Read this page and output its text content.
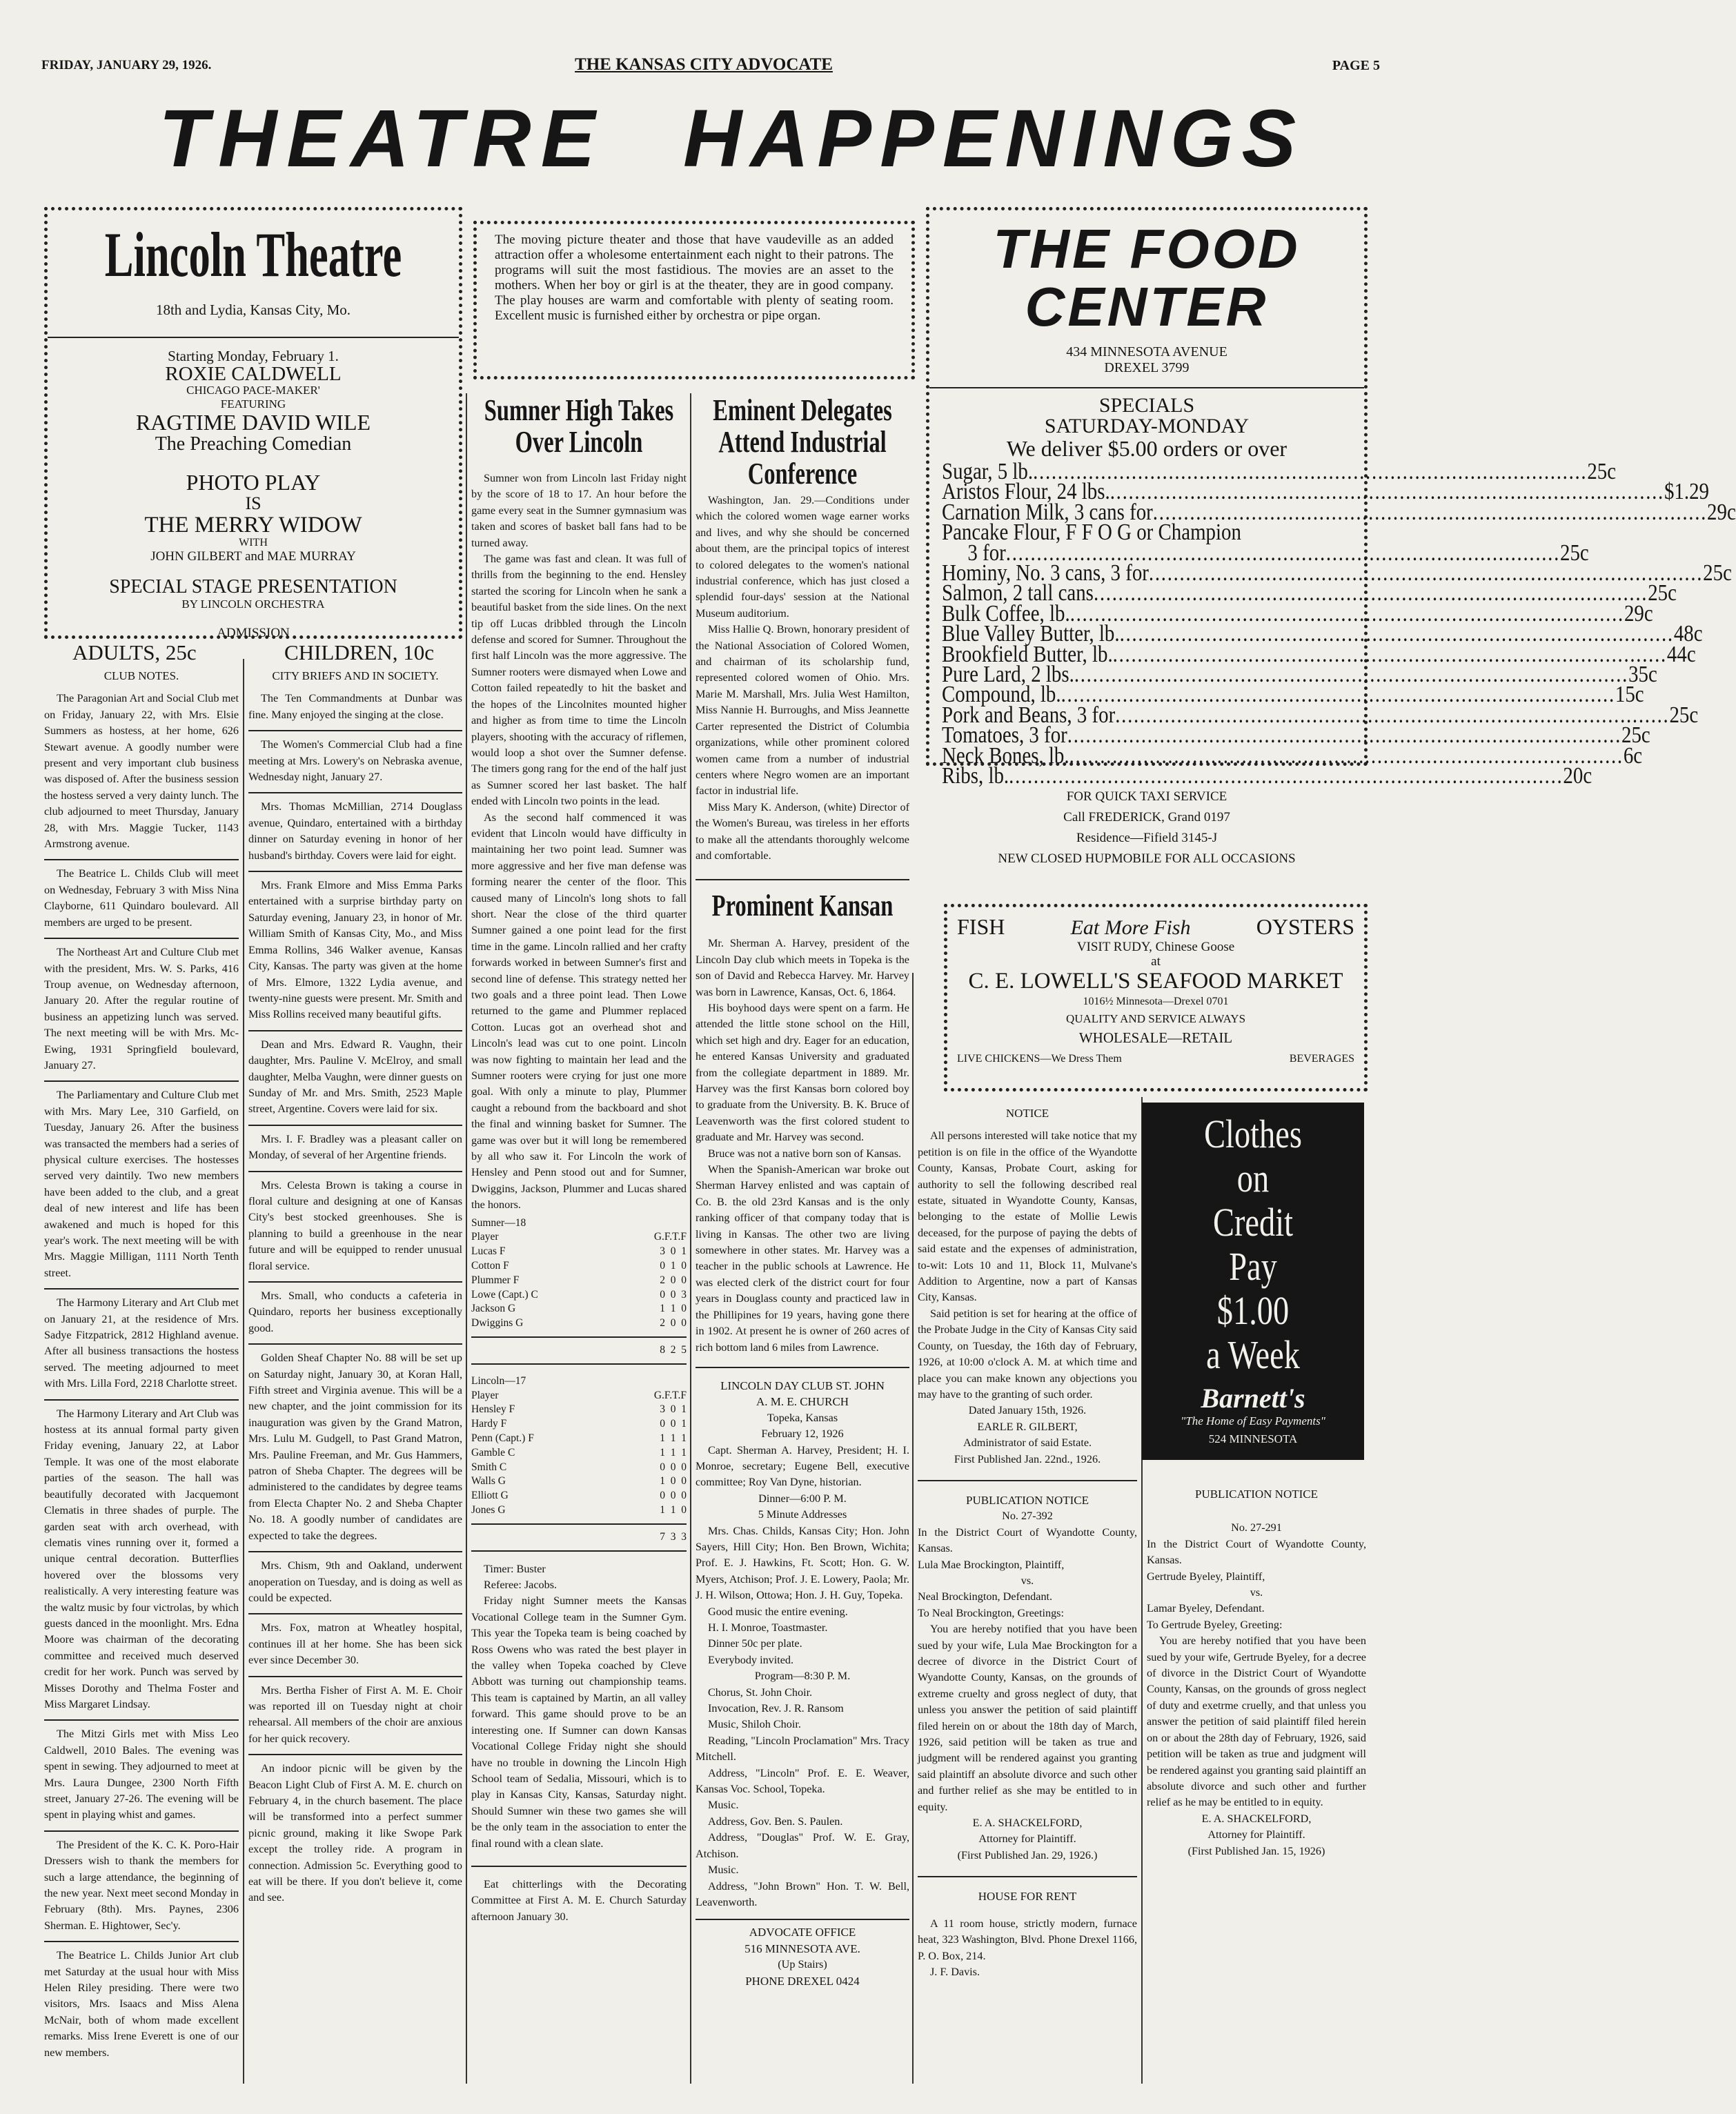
FRIDAY, JANUARY 29, 1926.	THE KANSAS CITY ADVOCATE	PAGE 5
THEATRE HAPPENINGS
Lincoln Theatre
18th and Lydia, Kansas City, Mo.
Starting Monday, February 1.
ROXIE CALDWELL
CHICAGO PACE-MAKER'
FEATURING
RAGTIME DAVID WILE
The Preaching Comedian
PHOTO PLAY
IS
THE MERRY WIDOW
WITH
JOHN GILBERT and MAE MURRAY
SPECIAL STAGE PRESENTATION
BY LINCOLN ORCHESTRA
ADMISSION
ADULTS, 25c	CHILDREN, 10c
The moving picture theater and those that have vaudeville as an added attraction offer a wholesome entertainment each night to their patrons. The programs will suit the most fastidious. The movies are an asset to the mothers. When her boy or girl is at the theater, they are in good company. The play houses are warm and comfortable with plenty of seating room. Excellent music is furnished either by orchestra or pipe organ.
CLUB NOTES.

The Paragonian Art and Social Club met on Friday, January 22, with Mrs. Elsie Summers as hostess, at her home, 626 Stewart avenue. A goodly number were present and very important club business was disposed of. After the business session the hostess served a very dainty lunch. The club adjourned to meet Thursday, January 28, with Mrs. Maggie Tucker, 1143 Armstrong avenue.

The Beatrice L. Childs Club will meet on Wednesday, February 3 with Miss Nina Clayborne, 611 Quindaro boulevard. All members are urged to be present.

The Northeast Art and Culture Club met with the president, Mrs. W. S. Parks, 416 Troup avenue, on Wednesday afternoon, January 20. After the regular routine of business an appetizing lunch was served. The next meeting will be with Mrs. Mc-Ewing, 1931 Springfield boulevard, January 27.

The Parliamentary and Culture Club met with Mrs. Mary Lee, 310 Garfield, on Tuesday, January 26. After the business was transacted the members had a series of physical culture exercises. The hostesses served very daintily. Two new members have been added to the club, and a great deal of new interest and life has been awakened and much is hoped for this year's work. The next meeting will be with Mrs. Maggie Milligan, 1111 North Tenth street.

The Harmony Literary and Art Club met on January 21, at the residence of Mrs. Sadye Fitzpatrick, 2812 Highland avenue. After all business transactions the hostess served. The meeting adjourned to meet with Mrs. Lilla Ford, 2218 Charlotte street.

The Harmony Literary and Art Club was hostess at its annual formal party given Friday evening, January 22, at Labor Temple. It was one of the most elaborate parties of the season. The hall was beautifully decorated with Jacquemont Clematis in three shades of purple. The garden seat with arch overhead, with clematis vines running over it, formed a unique central decoration. Butterflies hovered over the blossoms very realistically. A very interesting feature was the waltz music by four victrolas, by which guests danced in the moonlight. Mrs. Edna Moore was chairman of the decorating committee and received much deserved credit for her work. Punch was served by Misses Dorothy and Thelma Foster and Miss Margaret Lindsay.

The Mitzi Girls met with Miss Leo Caldwell, 2010 Bales. The evening was spent in sewing. They adjourned to meet at Mrs. Laura Dungee, 2300 North Fifth street, January 27-26. The evening will be spent in playing whist and games.

The President of the K. C. K. Poro-Hair Dressers wish to thank the members for such a large attendance, the beginning of the new year. Next meet second Monday in February (8th). Mrs. Paynes, 2306 Sherman. E. Hightower, Sec'y.

The Beatrice L. Childs Junior Art club met Saturday at the usual hour with Miss Helen Riley presiding. There were two visitors, Mrs. Isaacs and Miss Alena McNair, both of whom made excellent remarks. Miss Irene Everett is one of our new members.

CITY BRIEFS AND IN SOCIETY.

The Ten Commandments at Dunbar was fine. Many enjoyed the singing at the close.

The Women's Commercial Club had a fine meeting at Mrs. Lowery's on Nebraska avenue, Wednesday night, January 27.

Mrs. Thomas McMillian, 2714 Douglass avenue, Quindaro, entertained with a birthday dinner on Saturday evening in honor of her husband's birthday. Covers were laid for eight.

Mrs. Frank Elmore and Miss Emma Parks entertained with a surprise birthday party on Saturday evening, January 23, in honor of Mr. William Smith of Kansas City, Mo., and Miss Emma Rollins, 346 Walker avenue, Kansas City, Kansas. The party was given at the home of Mrs. Elmore, 1322 Lydia avenue, and twenty-nine guests were present. Mr. Smith and Miss Rollins received many beautiful gifts.

Dean and Mrs. Edward R. Vaughn, their daughter, Mrs. Pauline V. McElroy, and small daughter, Melba Vaughn, were dinner guests on Sunday of Mr. and Mrs. Smith, 2523 Maple street, Argentine. Covers were laid for six.

Mrs. I. F. Bradley was a pleasant caller on Monday, of several of her Argentine friends.

Mrs. Celesta Brown is taking a course in floral culture and designing at one of Kansas City's best stocked greenhouses. She is planning to build a greenhouse in the near future and will be equipped to render unusual floral service.

Mrs. Small, who conducts a cafeteria in Quindaro, reports her business exceptionally good.

Golden Sheaf Chapter No. 88 will be set up on Saturday night, January 30, at Koran Hall, Fifth street and Virginia avenue. This will be a new chapter, and the joint commission for its inauguration was given by the Grand Matron, Mrs. Lulu M. Gudgell, to Past Grand Matron, Mrs. Pauline Freeman, and Mr. Gus Hammers, patron of Sheba Chapter. The degrees will be administered to the candidates by degree teams from Electa Chapter No. 2 and Sheba Chapter No. 18. A goodly number of candidates are expected to take the degrees.

Mrs. Chism, 9th and Oakland, underwent anoperation on Tuesday, and is doing as well as could be expected.

Mrs. Fox, matron at Wheatley hospital, continues ill at her home. She has been sick ever since December 30.

Mrs. Bertha Fisher of First A. M. E. Choir was reported ill on Tuesday night at choir rehearsal. All members of the choir are anxious for her quick recovery.

An indoor picnic will be given by the Beacon Light Club of First A. M. E. church on February 4, in the church basement. The place will be transformed into a perfect summer picnic ground, making it like Swope Park except the trolley ride. A program in connection. Admission 5c. Everything good to eat will be there. If you don't believe it, come and see.

Sumner High Takes
Over Lincoln

Sumner won from Lincoln last Friday night by the score of 18 to 17. An hour before the game every seat in the Sumner gymnasium was taken and scores of basket ball fans had to be turned away.

The game was fast and clean. It was full of thrills from the beginning to the end. Hensley started the scoring for Lincoln when he sank a beautiful basket from the side lines. On the next tip off Lucas dribbled through the Lincoln defense and scored for Sumner. Throughout the first half Lincoln was the more aggressive. The Sumner rooters were dismayed when Lowe and Cotton failed repeatedly to hit the basket and the hopes of the Lincolnites mounted higher and higher as from time to time the Lincoln players, shooting with the accuracy of riflemen, would loop a shot over the Sumner defense. The timers gong rang for the end of the half just as Sumner scored her last basket. The half ended with Lincoln two points in the lead.

As the second half commenced it was evident that Lincoln would have difficulty in maintaining her two point lead. Sumner was more aggressive and her five man defense was forming nearer the center of the floor. This caused many of Lincoln's long shots to fall short. Near the close of the third quarter Sumner gained a one point lead for the first time in the game. Lincoln rallied and her crafty forwards worked in between Sumner's first and second line of defense. This strategy netted her two goals and a three point lead. Then Lowe returned to the game and Plummer replaced Cotton. Lucas got an overhead shot and Lincoln's lead was cut to one point. Lincoln was now fighting to maintain her lead and the Sumner rooters were crying for just one more goal. With only a minute to play, Plummer caught a rebound from the backboard and shot the final and winning basket for Sumner. The game was over but it will long be remembered by all who saw it. For Lincoln the work of Hensley and Penn stood out and for Sumner, Dwiggins, Jackson, Plummer and Lucas shared the honors.

Sumner—18
Player	G.F.T.F
Lucas F	3  0  1
Cotton F	0  1  0
Plummer F	2  0  0
Lowe (Capt.) C	0  0  3
Jackson G	1  1  0
Dwiggins G	2  0  0
8  2  5
Lincoln—17
Player	G.F.T.F
Hensley F	3  0  1
Hardy F	0  0  1
Penn (Capt.) F	1  1  1
Gamble C	1  1  1
Smith C	0  0  0
Walls G	1  0  0
Elliott G	0  0  0
Jones G	1  1  0
7  3  3
Timer: Buster
Referee: Jacobs.

Friday night Sumner meets the Kansas Vocational College team in the Sumner Gym. This year the Topeka team is being coached by Ross Owens who was rated the best player in the valley when Topeka coached by Cleve Abbott was turning out championship teams. This team is captained by Martin, an all valley forward. This game should prove to be an interesting one. If Sumner can down Kansas Vocational College Friday night she should have no trouble in downing the Lincoln High School team of Sedalia, Missouri, which is to play in Kansas City, Kansas, Saturday night. Should Sumner win these two games she will be the only team in the association to enter the final round with a clean slate.

Eat chitterlings with the Decorating Committee at First A. M. E. Church Saturday afternoon January 30.

Eminent Delegates
Attend Industrial
Conference

Washington, Jan. 29.—Conditions under which the colored women wage earner works and lives, and why she should be concerned about them, are the principal topics of interest to colored delegates to the women's national industrial conference, which has just closed a splendid four-days' session at the National Museum auditorium.

Miss Hallie Q. Brown, honorary president of the National Association of Colored Women, and chairman of its scholarship fund, represented colored women of Ohio. Mrs. Marie M. Marshall, Mrs. Julia West Hamilton, Miss Nannie H. Burroughs, and Miss Jeannette Carter represented the District of Columbia organizations, while other prominent colored women came from a number of industrial centers where Negro women are an important factor in industrial life.

Miss Mary K. Anderson, (white) Director of the Women's Bureau, was tireless in her efforts to make all the attendants thoroughly welcome and comfortable.

Prominent Kansan

Mr. Sherman A. Harvey, president of the Lincoln Day club which meets in Topeka is the son of David and Rebecca Harvey. Mr. Harvey was born in Lawrence, Kansas, Oct. 6, 1864.

His boyhood days were spent on a farm. He attended the little stone school on the Hill, which set high and dry. Eager for an education, he entered Kansas University and graduated from the collegiate department in 1889. Mr. Harvey was the first Kansas born colored boy to graduate from the University. B. K. Bruce of Leavenworth was the first colored student to graduate and Mr. Harvey was second.

Bruce was not a native born son of Kansas.

When the Spanish-American war broke out Sherman Harvey enlisted and was captain of Co. B. the old 23rd Kansas and is the only ranking officer of that company today that is living in Kansas. The other two are living somewhere in other states. Mr. Harvey was a teacher in the public schools at Lawrence. He was elected clerk of the district court for four years in Douglass county and practiced law in the Phillipines for 19 years, having gone there in 1902. At present he is owner of 260 acres of rich bottom land 6 miles from Lawrence.

LINCOLN DAY CLUB ST. JOHN
A. M. E. CHURCH
Topeka, Kansas
February 12, 1926

Capt. Sherman A. Harvey, President; H. I. Monroe, secretary; Eugene Bell, executive committee; Roy Van Dyne, historian.

Dinner—6:00 P. M.
5 Minute Addresses

Mrs. Chas. Childs, Kansas City; Hon. John Sayers, Hill City; Hon. Ben Brown, Wichita; Prof. E. J. Hawkins, Ft. Scott; Hon. G. W. Myers, Atchison; Prof. J. E. Lowery, Paola; Mr. J. H. Wilson, Ottowa; Hon. J. H. Guy, Topeka.

Good music the entire evening.

H. I. Monroe, Toastmaster.

Dinner 50c per plate.

Everybody invited.

Program—8:30 P. M.

Chorus, St. John Choir.

Invocation, Rev. J. R. Ransom

Music, Shiloh Choir.

Reading, "Lincoln Proclamation" Mrs. Tracy Mitchell.

Address, "Lincoln" Prof. E. E. Weaver, Kansas Voc. School, Topeka.

Music.

Address, Gov. Ben. S. Paulen.

Address, "Douglas" Prof. W. E. Gray, Atchison.

Music.

Address, "John Brown" Hon. T. W. Bell, Leavenworth.

ADVOCATE OFFICE
516 MINNESOTA AVE.
(Up Stairs)
PHONE DREXEL 0424
THE FOOD
CENTER
434 MINNESOTA AVENUE
DREXEL 3799
SPECIALS
SATURDAY-MONDAY
We deliver $5.00 orders or over
Sugar, 5 lb. .....	25c
Aristos Flour, 24 lbs. .....	$1.29
Carnation Milk, 3 cans for .....	29c
Pancake Flour, F F O G or Champion
3 for .....	25c
Hominy, No. 3 cans, 3 for .....	25c
Salmon, 2 tall cans .....	25c
Bulk Coffee, lb. .....	29c
Blue Valley Butter, lb. .....	48c
Brookfield Butter, lb. .....	44c
Pure Lard, 2 lbs. .....	35c
Compound, lb. .....	15c
Pork and Beans, 3 for .....	25c
Tomatoes, 3 for .....	25c
Neck Bones, lb. .....	6c
Ribs, lb. .....	20c
FOR QUICK TAXI SERVICE
Call FREDERICK, Grand 0197
Residence—Fifield 3145-J
NEW CLOSED HUPMOBILE FOR ALL OCCASIONS
FISH	Eat More Fish	OYSTERS
VISIT RUDY, Chinese Goose
at
C. E. LOWELL'S SEAFOOD MARKET
1016½ Minnesota—Drexel 0701
QUALITY AND SERVICE ALWAYS
WHOLESALE—RETAIL
LIVE CHICKENS—We Dress Them	BEVERAGES
NOTICE

All persons interested will take notice that my petition is on file in the office of the Wyandotte County, Kansas, Probate Court, asking for authority to sell the following described real estate, situated in Wyandotte County, Kansas, belonging to the estate of Mollie Lewis deceased, for the purpose of paying the debts of said estate and the expenses of administration, to-wit: Lots 10 and 11, Block 11, Mulvane's Addition to Argentine, now a part of Kansas City, Kansas.

Said petition is set for hearing at the office of the Probate Judge in the City of Kansas City said County, on Tuesday, the 16th day of February, 1926, at 10:00 o'clock A. M. at which time and place you can make known any objections you may have to the granting of such order.

Dated January 15th, 1926.
EARLE R. GILBERT,
Administrator of said Estate.
First Published Jan. 22nd., 1926.
PUBLICATION NOTICE
No. 27-392
In the District Court of Wyandotte County, Kansas.
Lula Mae Brockington, Plaintiff,
vs.
Neal Brockington, Defendant.
To Neal Brockington, Greetings:

You are hereby notified that you have been sued by your wife, Lula Mae Brockington for a decree of divorce in the District Court of Wyandotte County, Kansas, on the grounds of extreme cruelty and gross neglect of duty, that unless you answer the petition of said plaintiff filed herein on or about the 18th day of March, 1926, said petition will be taken as true and judgment will be rendered against you granting said plaintiff an absolute divorce and such other and further relief as she may be entitled to in equity.

E. A. SHACKELFORD,
Attorney for Plaintiff.
(First Published Jan. 29, 1926.)
HOUSE FOR RENT

A 11 room house, strictly modern, furnace heat, 323 Washington, Blvd. Phone Drexel 1166, P. O. Box, 214.

J. F. Davis.
Clothes
on
Credit
Pay
$1.00
a Week
Barnett's
"The Home of Easy Payments"
524 MINNESOTA
PUBLICATION NOTICE
No. 27-291
In the District Court of Wyandotte County, Kansas.
Gertrude Byeley, Plaintiff,
vs.
Lamar Byeley, Defendant.
To Gertrude Byeley, Greeting:

You are hereby notified that you have been sued by your wife, Gertrude Byeley, for a decree of divorce in the District Court of Wyandotte County, Kansas, on the grounds of gross neglect of duty and exetrme cruelly, and that unless you answer the petition of said plaintiff filed herein on or about the 28th day of February, 1926, said petition will be taken as true and judgment will be rendered against you granting said plaintiff an absolute divorce and such other and further relief as he may be entitled to in equity.

E. A. SHACKELFORD,
Attorney for Plaintiff.
(First Published Jan. 15, 1926)
